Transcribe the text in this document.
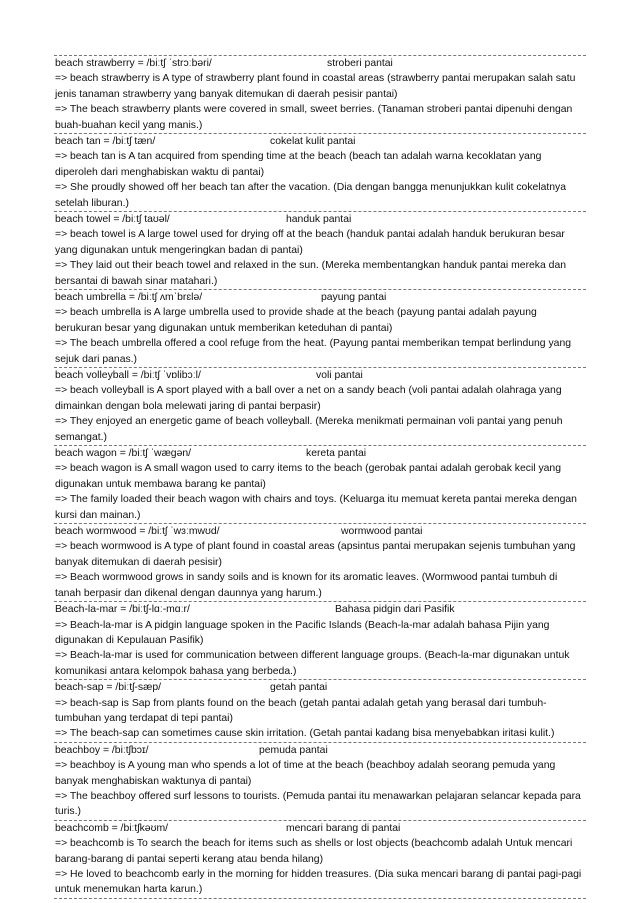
beach strawberry = /biːtʃ ˈstrɔːbəri/	stroberi pantai
=> beach strawberry is A type of strawberry plant found in coastal areas (strawberry pantai merupakan salah satu jenis tanaman strawberry yang banyak ditemukan di daerah pesisir pantai)
=> The beach strawberry plants were covered in small, sweet berries. (Tanaman stroberi pantai dipenuhi dengan buah-buahan kecil yang manis.)
beach tan = /biːtʃ tæn/	cokelat kulit pantai
=> beach tan is A tan acquired from spending time at the beach (beach tan adalah warna kecoklatan yang diperoleh dari menghabiskan waktu di pantai)
=> She proudly showed off her beach tan after the vacation. (Dia dengan bangga menunjukkan kulit cokelatnya setelah liburan.)
beach towel = /biːtʃ taʊəl/	handuk pantai
=> beach towel is A large towel used for drying off at the beach (handuk pantai adalah handuk berukuran besar yang digunakan untuk mengeringkan badan di pantai)
=> They laid out their beach towel and relaxed in the sun. (Mereka membentangkan handuk pantai mereka dan bersantai di bawah sinar matahari.)
beach umbrella = /biːtʃ ʌmˈbrɛlə/	payung pantai
=> beach umbrella is A large umbrella used to provide shade at the beach (payung pantai adalah payung berukuran besar yang digunakan untuk memberikan keteduhan di pantai)
=> The beach umbrella offered a cool refuge from the heat. (Payung pantai memberikan tempat berlindung yang sejuk dari panas.)
beach volleyball = /biːtʃ ˈvɒlibɔːl/	voli pantai
=> beach volleyball is A sport played with a ball over a net on a sandy beach (voli pantai adalah olahraga yang dimainkan dengan bola melewati jaring di pantai berpasir)
=> They enjoyed an energetic game of beach volleyball. (Mereka menikmati permainan voli pantai yang penuh semangat.)
beach wagon = /biːtʃ ˈwægən/	kereta pantai
=> beach wagon is A small wagon used to carry items to the beach (gerobak pantai adalah gerobak kecil yang digunakan untuk membawa barang ke pantai)
=> The family loaded their beach wagon with chairs and toys. (Keluarga itu memuat kereta pantai mereka dengan kursi dan mainan.)
beach wormwood = /biːtʃ ˈwɜːmwʊd/	wormwood pantai
=> beach wormwood is A type of plant found in coastal areas (apsintus pantai merupakan sejenis tumbuhan yang banyak ditemukan di daerah pesisir)
=> Beach wormwood grows in sandy soils and is known for its aromatic leaves. (Wormwood pantai tumbuh di tanah berpasir dan dikenal dengan daunnya yang harum.)
Beach-la-mar = /biːtʃ-lɑː-mɑːr/	Bahasa pidgin dari Pasifik
=> Beach-la-mar is A pidgin language spoken in the Pacific Islands (Beach-la-mar adalah bahasa Pijin yang digunakan di Kepulauan Pasifik)
=> Beach-la-mar is used for communication between different language groups. (Beach-la-mar digunakan untuk komunikasi antara kelompok bahasa yang berbeda.)
beach-sap = /biːtʃ-sæp/	getah pantai
=> beach-sap is Sap from plants found on the beach (getah pantai adalah getah yang berasal dari tumbuh-tumbuhan yang terdapat di tepi pantai)
=> The beach-sap can sometimes cause skin irritation. (Getah pantai kadang bisa menyebabkan iritasi kulit.)
beachboy = /biːtʃbɔɪ/	pemuda pantai
=> beachboy is A young man who spends a lot of time at the beach (beachboy adalah seorang pemuda yang banyak menghabiskan waktunya di pantai)
=> The beachboy offered surf lessons to tourists. (Pemuda pantai itu menawarkan pelajaran selancar kepada para turis.)
beachcomb = /biːtʃkəʊm/	mencari barang di pantai
=> beachcomb is To search the beach for items such as shells or lost objects (beachcomb adalah Untuk mencari barang-barang di pantai seperti kerang atau benda hilang)
=> He loved to beachcomb early in the morning for hidden treasures. (Dia suka mencari barang di pantai pagi-pagi untuk menemukan harta karun.)
